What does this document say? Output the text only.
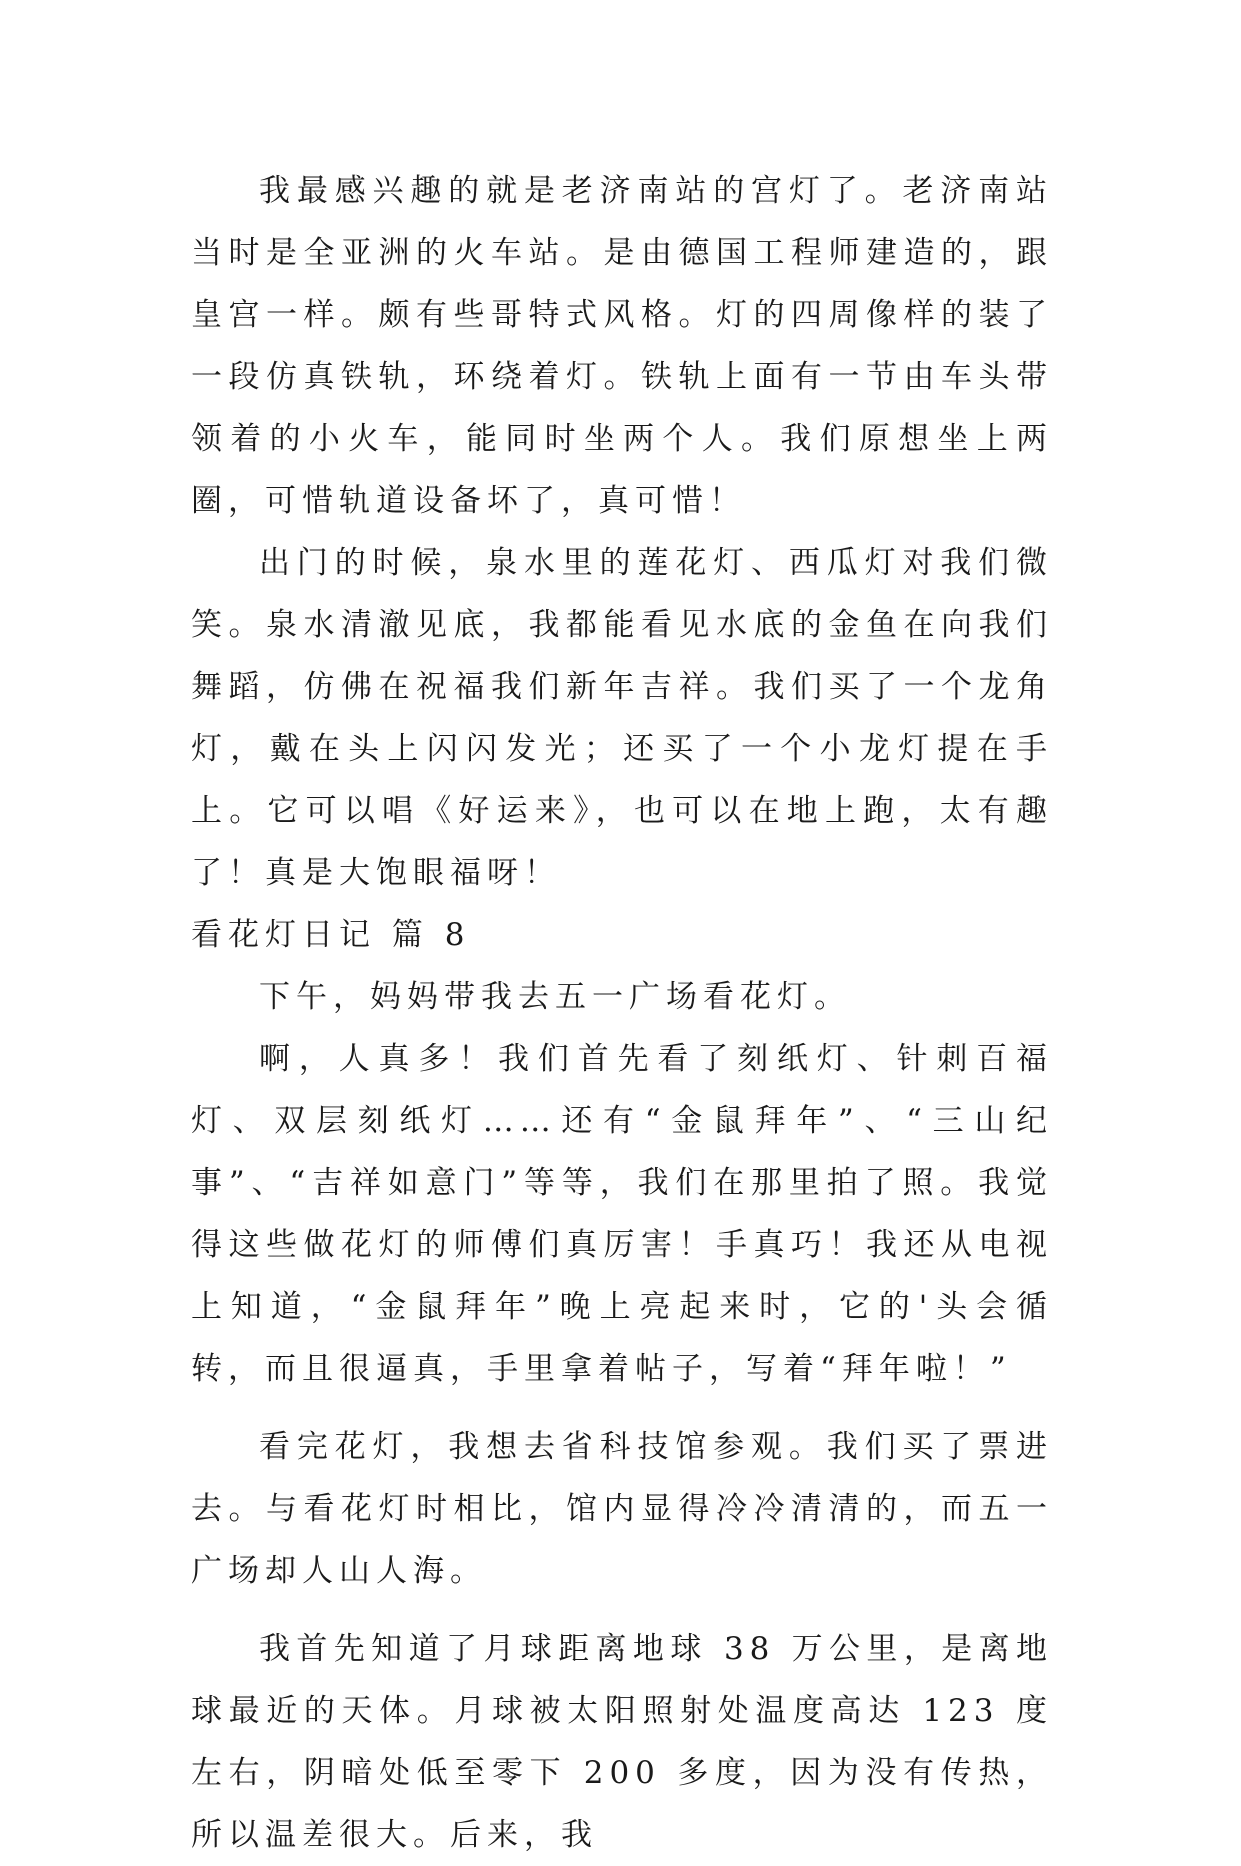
我最感兴趣的就是老济南站的宫灯了。老济南站当时是全亚洲的火车站。是由德国工程师建造的，跟皇宫一样。颇有些哥特式风格。灯的四周像样的装了一段仿真铁轨，环绕着灯。铁轨上面有一节由车头带领着的小火车，能同时坐两个人。我们原想坐上两圈，可惜轨道设备坏了，真可惜！

出门的时候，泉水里的莲花灯、西瓜灯对我们微笑。泉水清澈见底，我都能看见水底的金鱼在向我们舞蹈，仿佛在祝福我们新年吉祥。我们买了一个龙角灯，戴在头上闪闪发光；还买了一个小龙灯提在手上。它可以唱《好运来》，也可以在地上跑，太有趣了！真是大饱眼福呀！

看花灯日记 篇 8

下午，妈妈带我去五一广场看花灯。

啊，人真多！我们首先看了刻纸灯、针刺百福灯、双层刻纸灯……还有“金鼠拜年”、“三山纪事”、“吉祥如意门”等等，我们在那里拍了照。我觉得这些做花灯的师傅们真厉害！手真巧！我还从电视上知道，“金鼠拜年”晚上亮起来时，它的'头会循转，而且很逼真，手里拿着帖子，写着“拜年啦！”

看完花灯，我想去省科技馆参观。我们买了票进去。与看花灯时相比，馆内显得冷冷清清的，而五一广场却人山人海。

我首先知道了月球距离地球 38 万公里，是离地球最近的天体。月球被太阳照射处温度高达 123 度左右，阴暗处低至零下 200 多度，因为没有传热，所以温差很大。后来，我
